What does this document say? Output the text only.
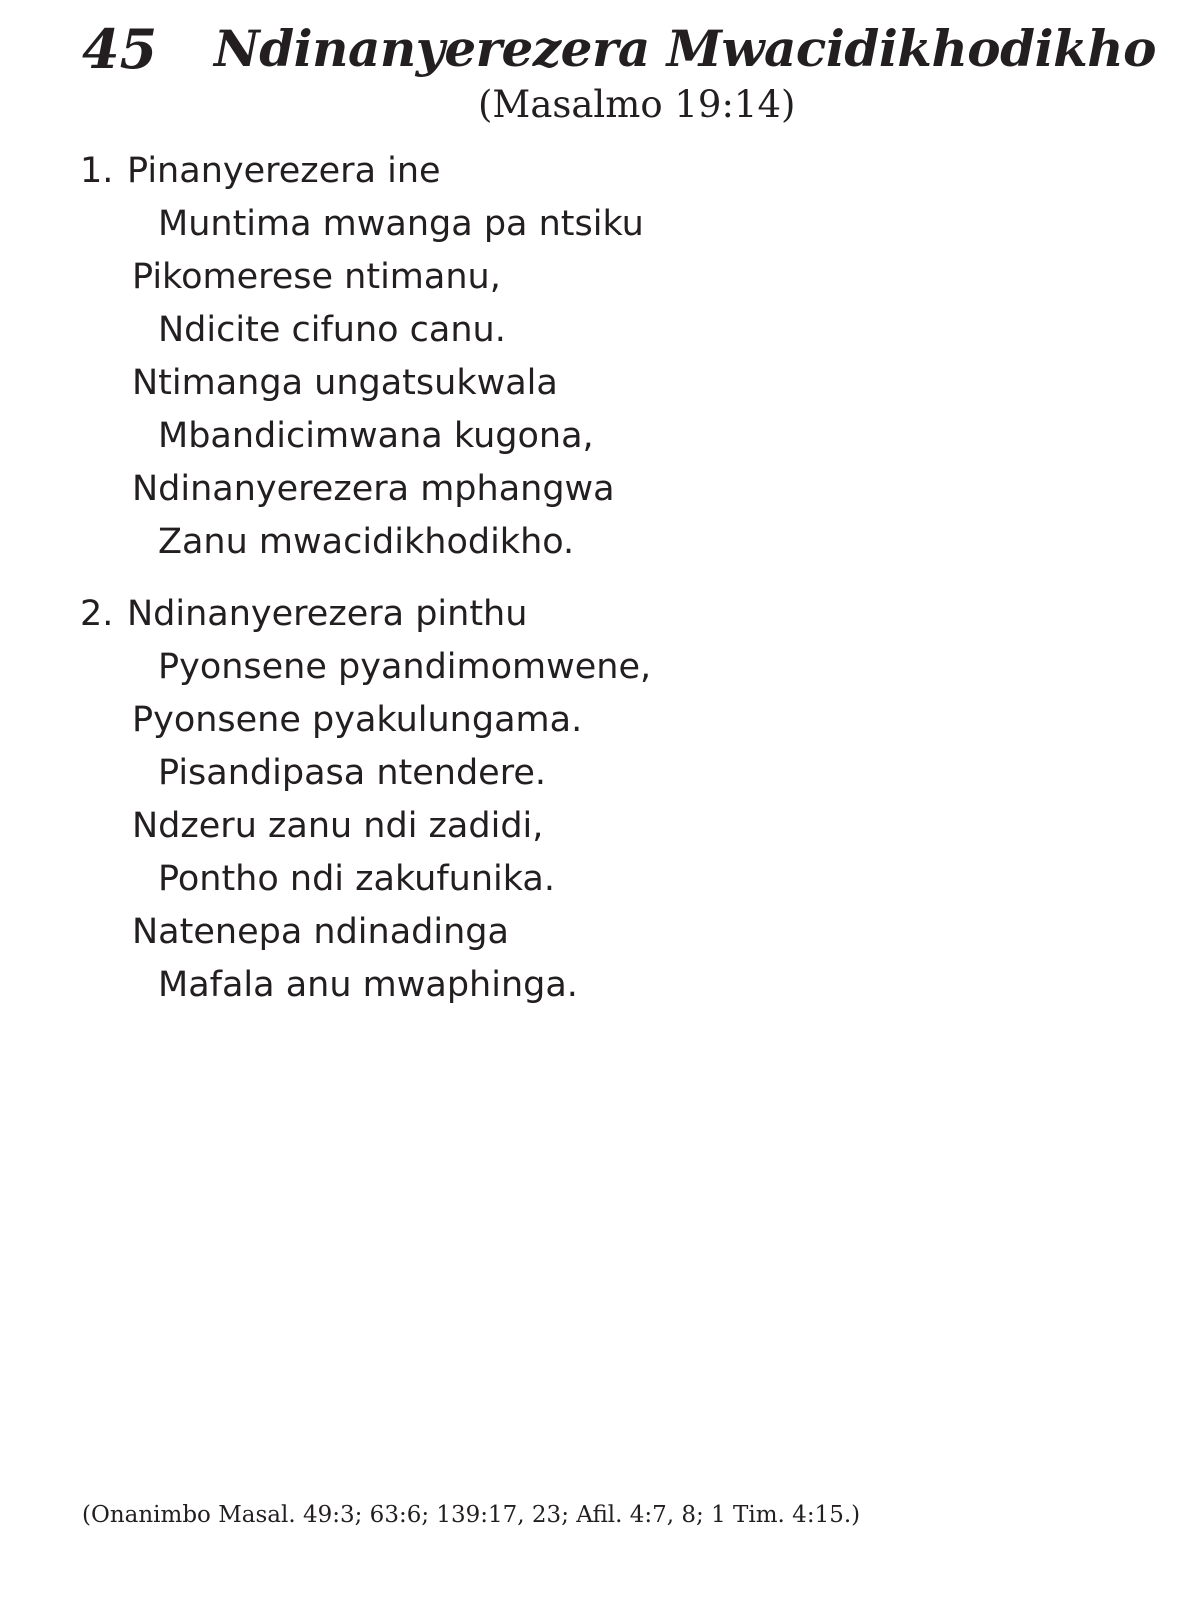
45 Ndinanyerezera Mwacidikhodikho
(Masalmo 19:14)
1. Pinanyerezera ine
Muntima mwanga pa ntsiku
Pikomerese ntimanu,
Ndicite cifuno canu.
Ntimanga ungatsukwala
Mbandicimwana kugona,
Ndinanyerezera mphangwa
Zanu mwacidikhodikho.
2. Ndinanyerezera pinthu
Pyonsene pyandimomwene,
Pyonsene pyakulungama.
Pisandipasa ntendere.
Ndzeru zanu ndi zadidi,
Pontho ndi zakufunika.
Natenepa ndinadinga
Mafala anu mwaphinga.
(Onanimbo Masal. 49:3; 63:6; 139:17, 23; Afil. 4:7, 8; 1 Tim. 4:15.)
